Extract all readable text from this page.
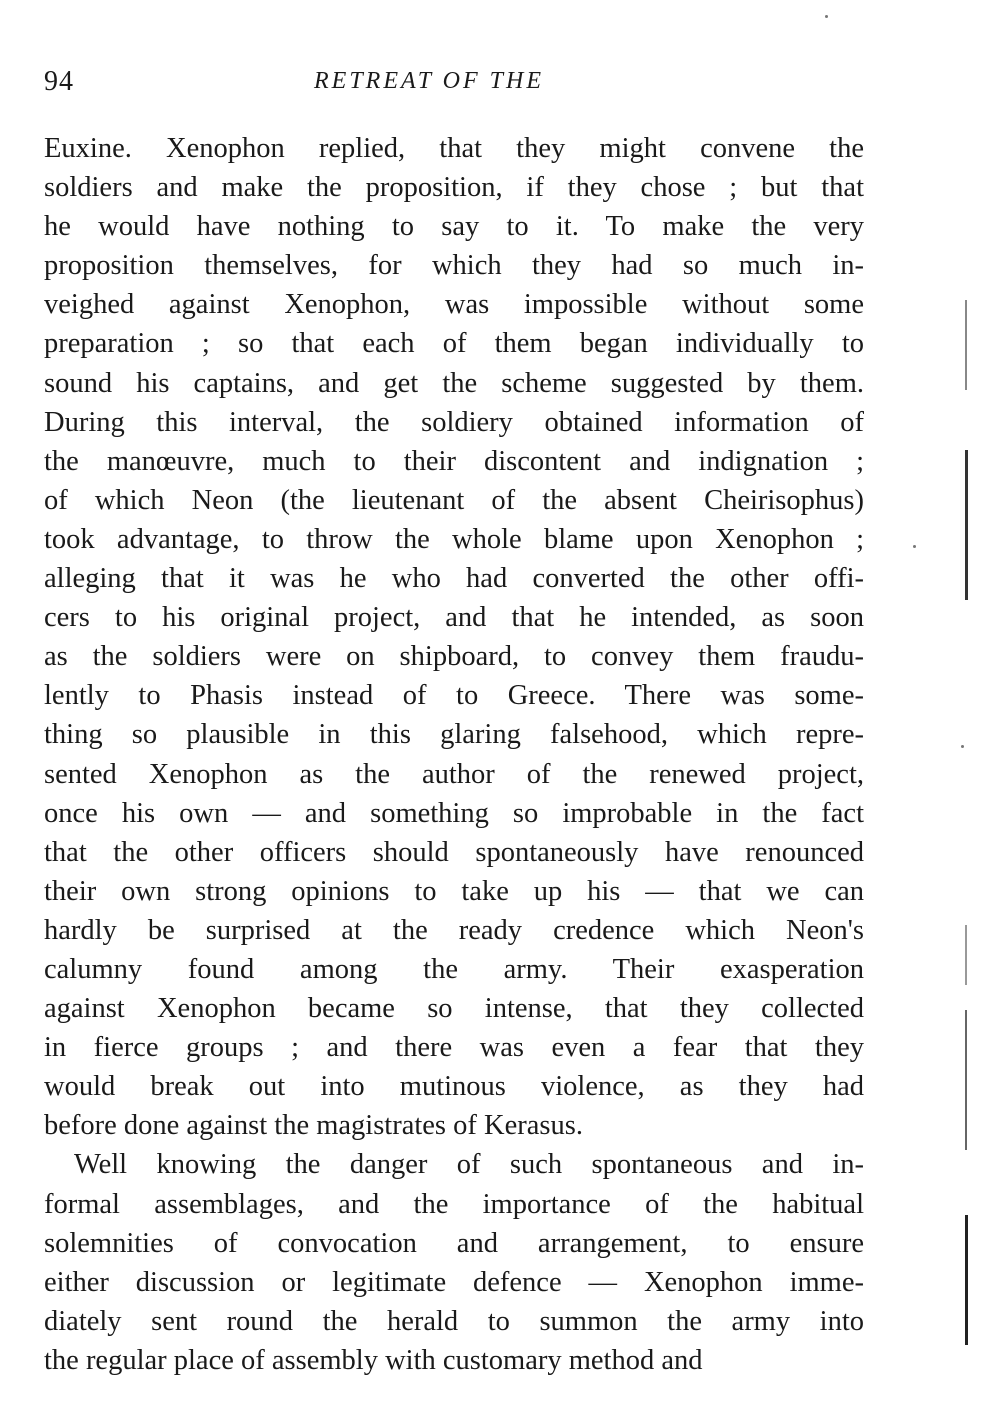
94	RETREAT OF THE
Euxine. Xenophon replied, that they might convene the
soldiers and make the proposition, if they chose ; but that
he would have nothing to say to it. To make the very
proposition themselves, for which they had so much in-
veighed against Xenophon, was impossible without some
preparation ; so that each of them began individually to
sound his captains, and get the scheme suggested by them.
During this interval, the soldiery obtained information of
the manœuvre, much to their discontent and indignation ;
of which Neon (the lieutenant of the absent Cheirisophus)
took advantage, to throw the whole blame upon Xenophon ;
alleging that it was he who had converted the other offi-
cers to his original project, and that he intended, as soon
as the soldiers were on shipboard, to convey them fraudu-
lently to Phasis instead of to Greece. There was some-
thing so plausible in this glaring falsehood, which repre-
sented Xenophon as the author of the renewed project,
once his own — and something so improbable in the fact
that the other officers should spontaneously have renounced
their own strong opinions to take up his — that we can
hardly be surprised at the ready credence which Neon's
calumny found among the army. Their exasperation
against Xenophon became so intense, that they collected
in fierce groups ; and there was even a fear that they
would break out into mutinous violence, as they had
before done against the magistrates of Kerasus.
Well knowing the danger of such spontaneous and in-
formal assemblages, and the importance of the habitual
solemnities of convocation and arrangement, to ensure
either discussion or legitimate defence — Xenophon imme-
diately sent round the herald to summon the army into
the regular place of assembly with customary method and
